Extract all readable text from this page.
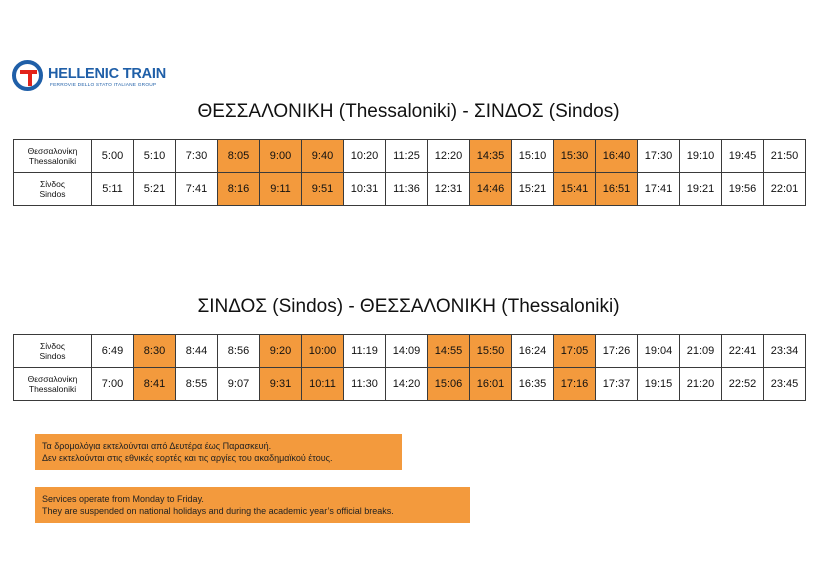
HELLENIC TRAIN
FERROVIE DELLO STATO ITALIANE GROUP
ΘΕΣΣΑΛΟΝΙΚΗ (Thessaloniki) - ΣΙΝΔΟΣ (Sindos)
Θεσσαλονίκη
Thessaloniki	5:00	5:10	7:30	8:05	9:00	9:40	10:20	11:25	12:20	14:35	15:10	15:30	16:40	17:30	19:10	19:45	21:50

Σίνδος
Sindos	5:11	5:21	7:41	8:16	9:11	9:51	10:31	11:36	12:31	14:46	15:21	15:41	16:51	17:41	19:21	19:56	22:01
ΣΙΝΔΟΣ (Sindos) - ΘΕΣΣΑΛΟΝΙΚΗ (Thessaloniki)
Σίνδος
Sindos	6:49	8:30	8:44	8:56	9:20	10:00	11:19	14:09	14:55	15:50	16:24	17:05	17:26	19:04	21:09	22:41	23:34

Θεσσαλονίκη
Thessaloniki	7:00	8:41	8:55	9:07	9:31	10:11	11:30	14:20	15:06	16:01	16:35	17:16	17:37	19:15	21:20	22:52	23:45
Τα δρομολόγια εκτελούνται από Δευτέρα έως Παρασκευή.
Δεν εκτελούνται στις εθνικές εορτές και τις αργίες του ακαδημαϊκού έτους.
Services operate from Monday to Friday.
They are suspended on national holidays and during the academic year’s official breaks.
